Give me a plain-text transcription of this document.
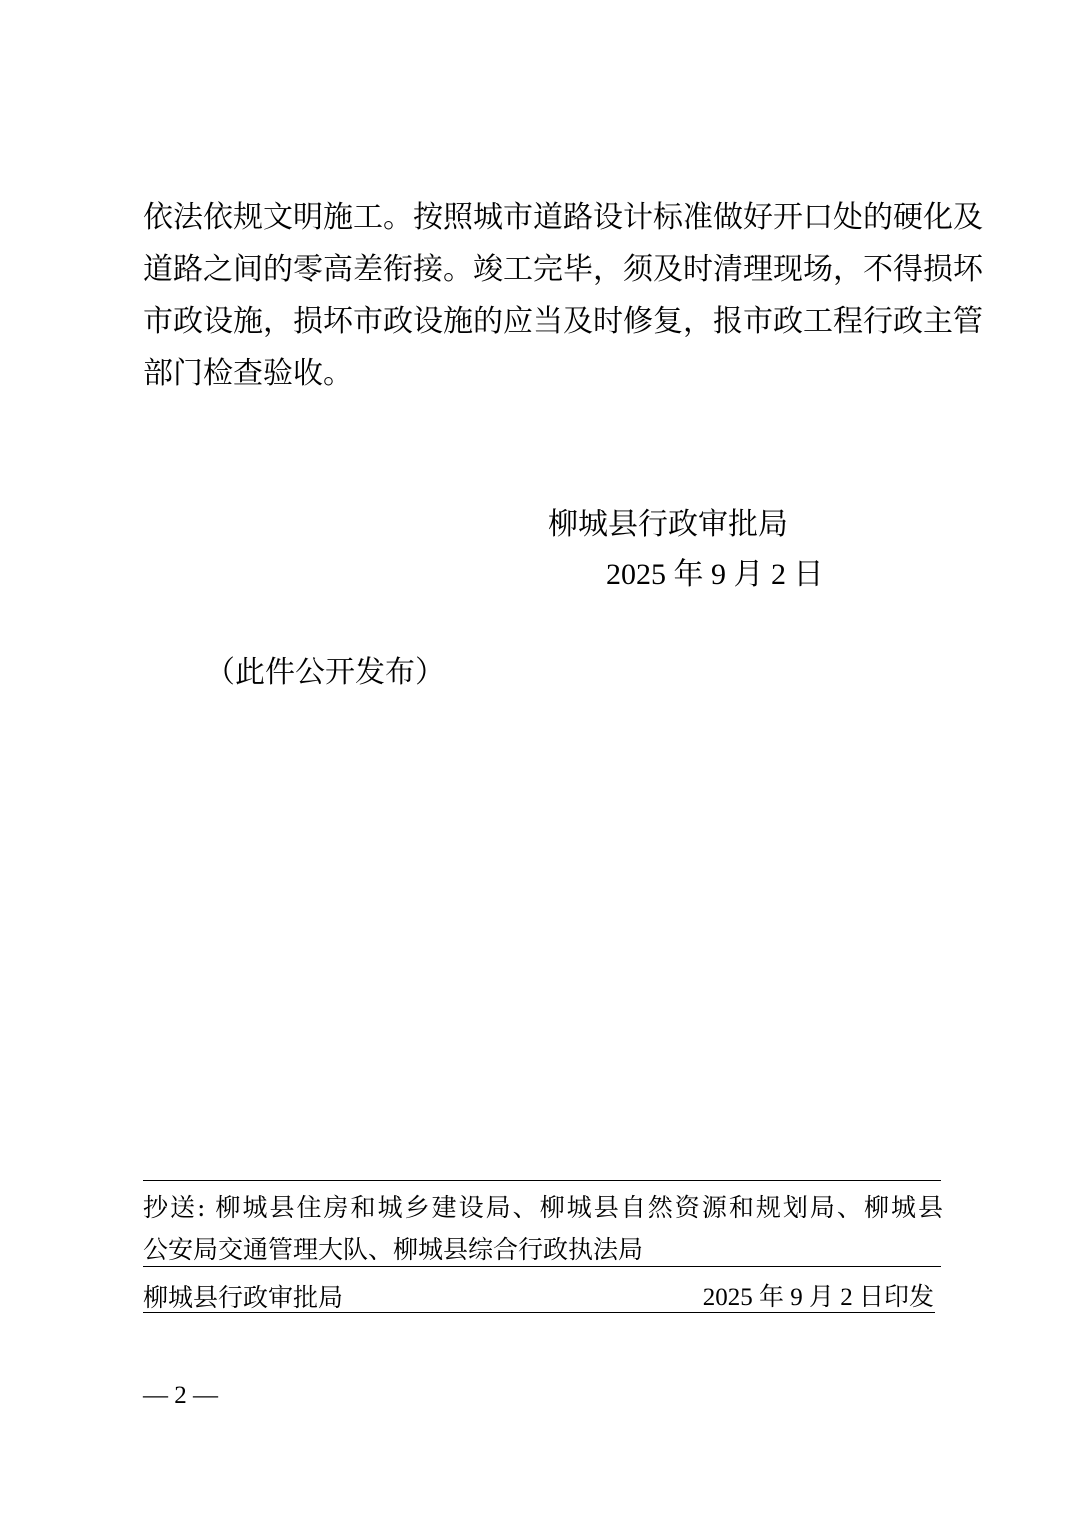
依法依规文明施工。按照城市道路设计标准做好开口处的硬化及
道路之间的零高差衔接。竣工完毕，须及时清理现场，不得损坏
市政设施，损坏市政设施的应当及时修复，报市政工程行政主管
部门检查验收。
柳城县行政审批局
2025 年 9 月 2 日
（此件公开发布）
抄送: 柳城县住房和城乡建设局、柳城县自然资源和规划局、柳城县
公安局交通管理大队、柳城县综合行政执法局
柳城县行政审批局	2025 年 9 月 2 日印发
— 2 —
